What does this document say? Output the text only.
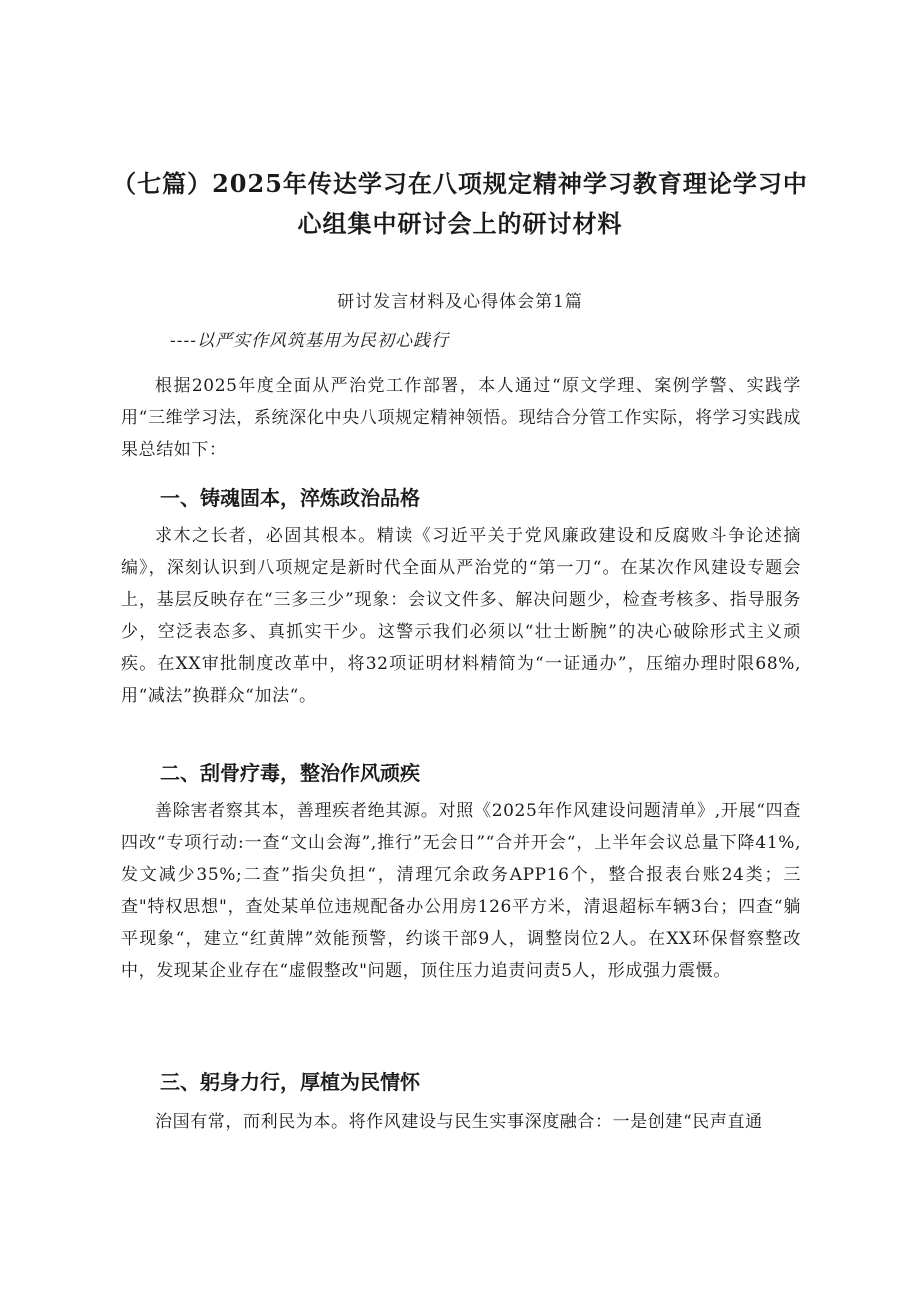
（七篇）2025年传达学习在八项规定精神学习教育理论学习中
心组集中研讨会上的研讨材料
研讨发言材料及心得体会第1篇
----以严实作风筑基用为民初心践行

根据2025年度全面从严治党工作部署，本人通过“原文学理、案例学警、实践学用“三维学习法，系统深化中央八项规定精神领悟。现结合分管工作实际，将学习实践成果总结如下：

一、铸魂固本，淬炼政治品格

求木之长者，必固其根本。精读《习近平关于党风廉政建设和反腐败斗争论述摘编》，深刻认识到八项规定是新时代全面从严治党的“第一刀“。在某次作风建设专题会上，基层反映存在“三多三少”现象：会议文件多、解决问题少，检查考核多、指导服务少，空泛表态多、真抓实干少。这警示我们必须以“壮士断腕”的决心破除形式主义顽疾。在XX审批制度改革中，将32项证明材料精简为“一证通办”，压缩办理时限68%,用“减法”换群众“加法“。

二、刮骨疗毒，整治作风顽疾

善除害者察其本，善理疾者绝其源。对照《2025年作风建设问题清单》,开展“四查四改“专项行动:一查“文山会海”,推行”无会日”“合并开会“，上半年会议总量下降41%,发文减少35%;二查”指尖负担“，清理冗余政务APP16个，整合报表台账24类；三查"特权思想"，查处某单位违规配备办公用房126平方米，清退超标车辆3台；四查“躺平现象“，建立“红黄牌”效能预警，约谈干部9人，调整岗位2人。在XX环保督察整改中，发现某企业存在“虚假整改"问题，顶住压力追责问责5人，形成强力震慑。

三、躬身力行，厚植为民情怀

治国有常，而利民为本。将作风建设与民生实事深度融合：一是创建“民声直通
